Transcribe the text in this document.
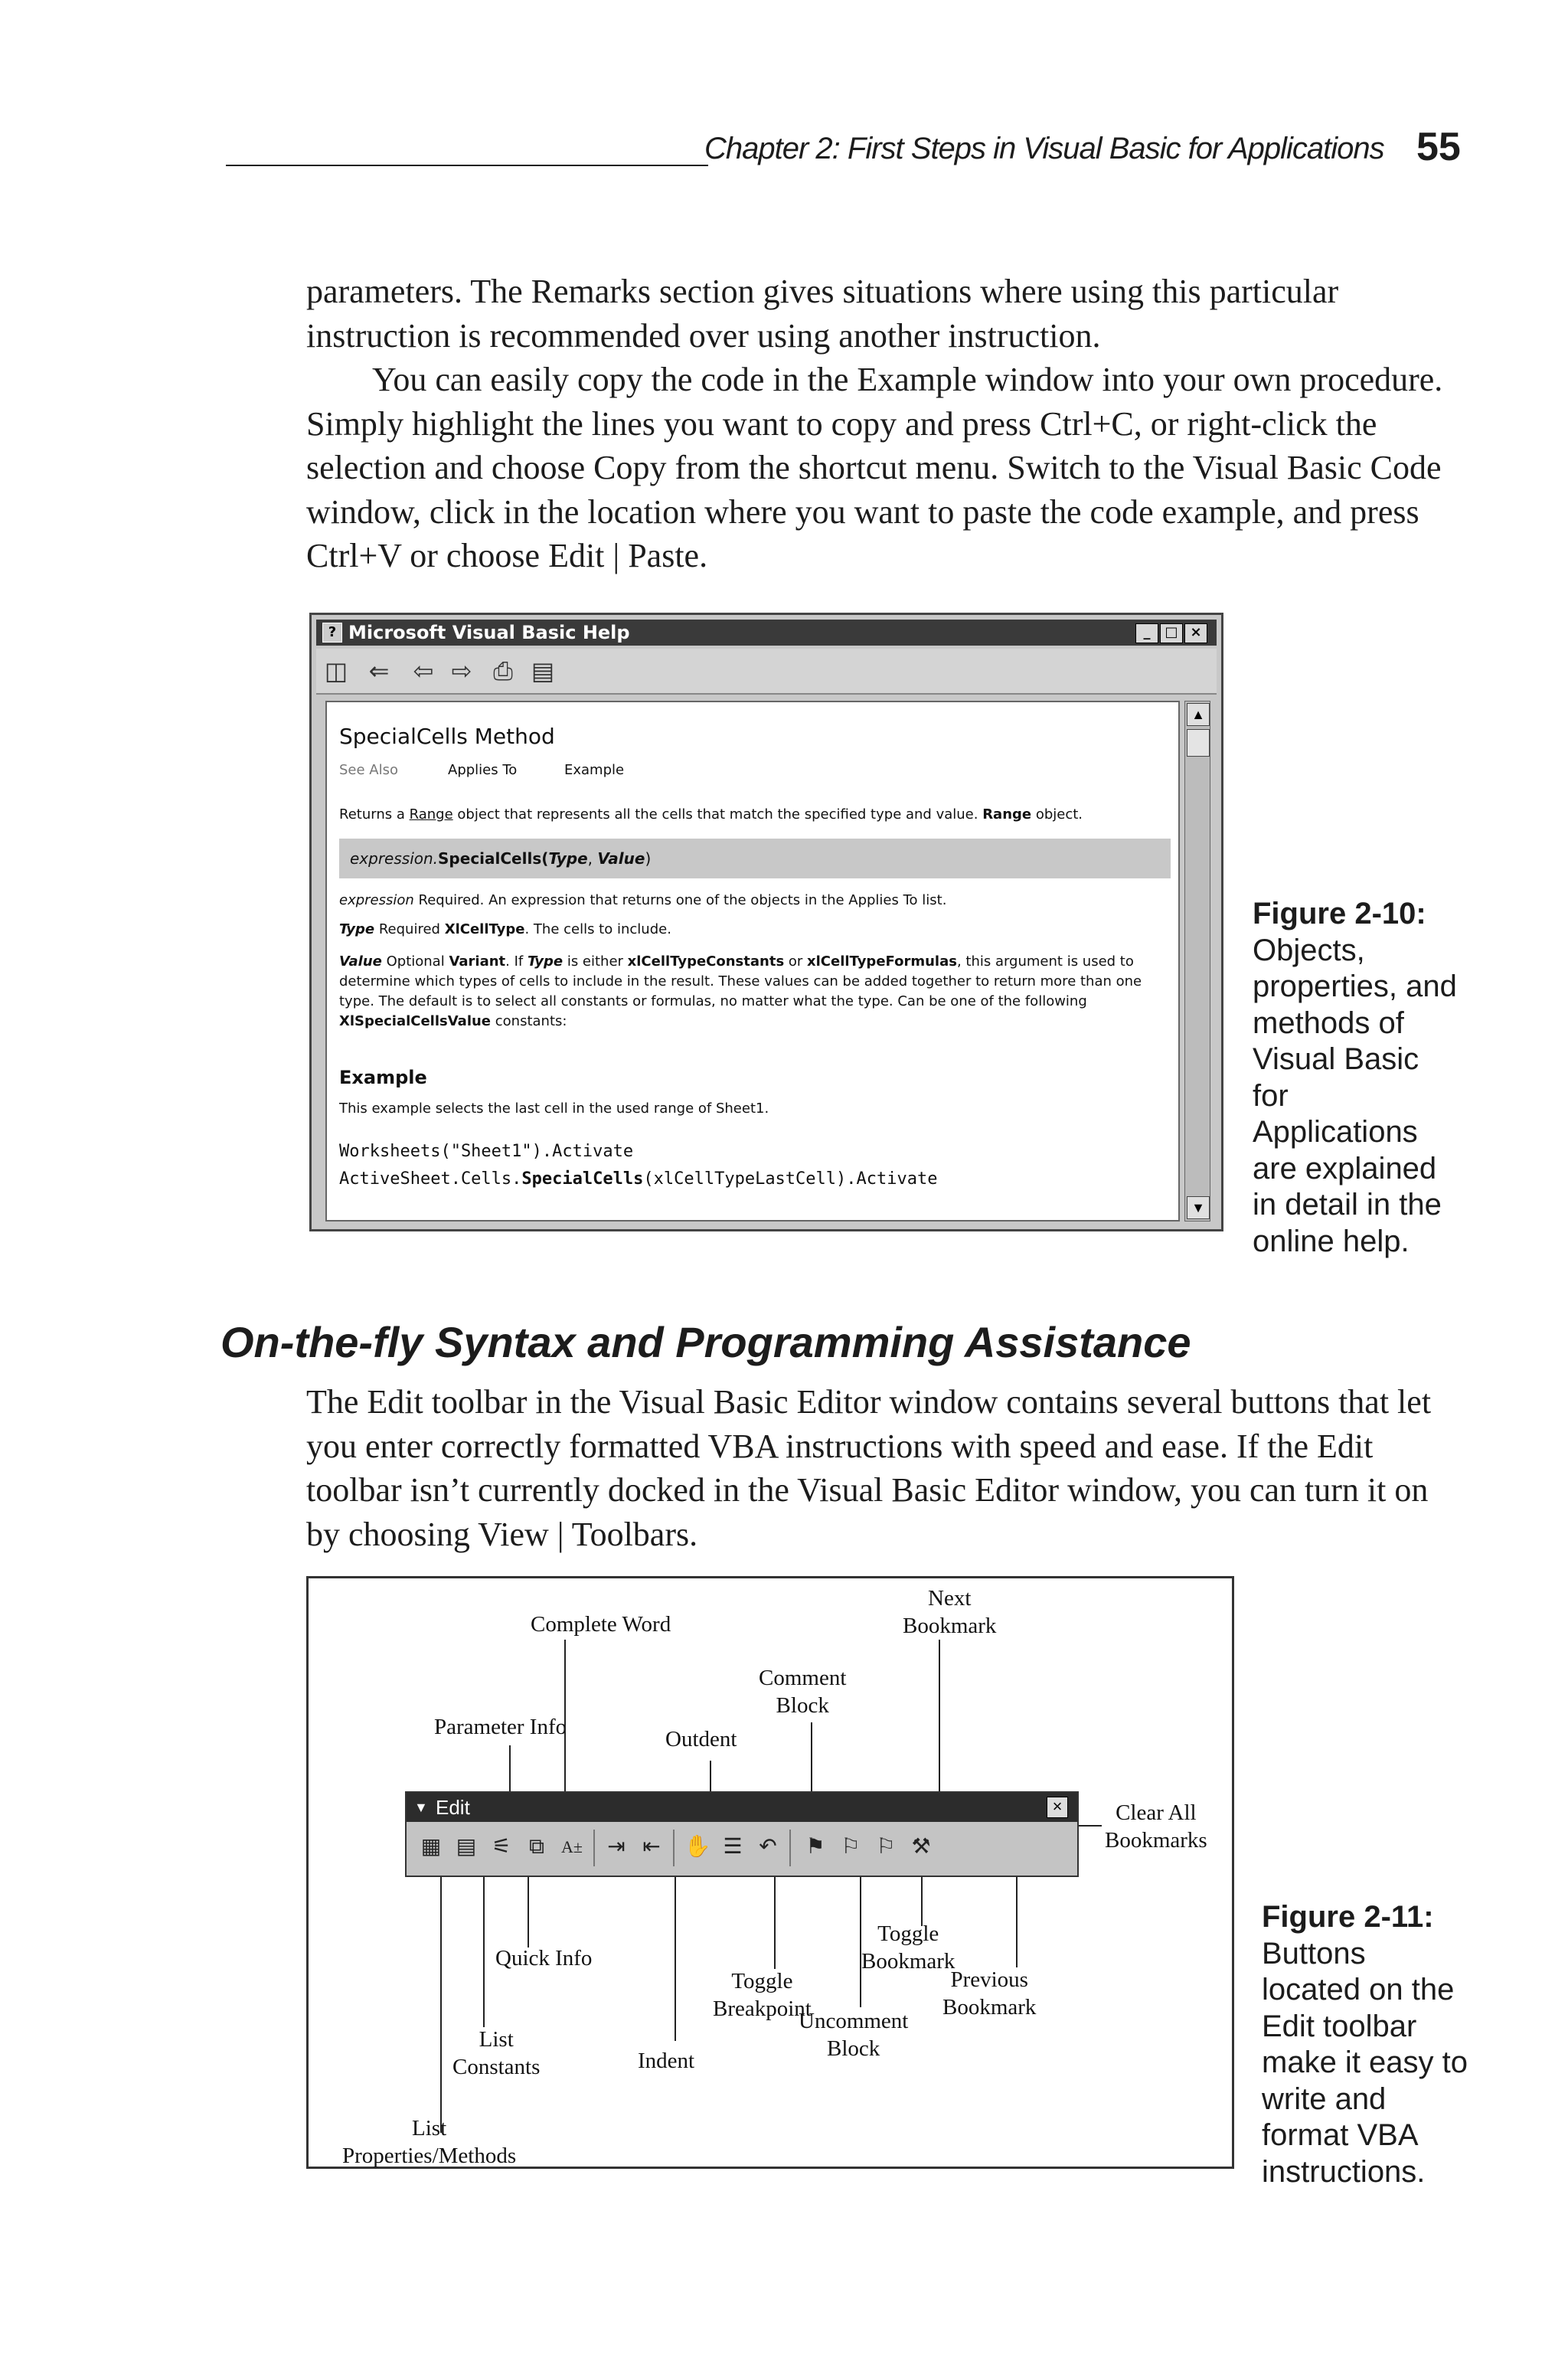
Chapter 2: First Steps in Visual Basic for Applications 55
parameters. The Remarks section gives situations where using this particular instruction is recommended over using another instruction.
You can easily copy the code in the Example window into your own procedure. Simply highlight the lines you want to copy and press Ctrl+C, or right-click the selection and choose Copy from the shortcut menu. Switch to the Visual Basic Code window, click in the location where you want to paste the code example, and press Ctrl+V or choose Edit | Paste.
? Microsoft Visual Basic Help	_	□ ×
◫ ⇐ ⇦ ⇨ ⎙ ▤
SpecialCells Method
See Also	Applies To	Example
Returns a Range object that represents all the cells that match the specified type and value. Range object.
expression.SpecialCells(Type, Value)
expression Required. An expression that returns one of the objects in the Applies To list.
Type Required XlCellType. The cells to include.
Value Optional Variant. If Type is either xlCellTypeConstants or xlCellTypeFormulas, this argument is used to determine which types of cells to include in the result. These values can be added together to return more than one type. The default is to select all constants or formulas, no matter what the type. Can be one of the following XlSpecialCellsValue constants:
Example
This example selects the last cell in the used range of Sheet1.
Worksheets("Sheet1").Activate
ActiveSheet.Cells.SpecialCells(xlCellTypeLastCell).Activate
▲
▼
Figure 2-10:
Objects, properties, and methods of Visual Basic for Applications are explained in detail in the online help.
On-the-fly Syntax and Programming Assistance
The Edit toolbar in the Visual Basic Editor window contains several buttons that let you enter correctly formatted VBA instructions with speed and ease. If the Edit toolbar isn’t currently docked in the Visual Basic Editor window, you can turn it on by choosing View | Toolbars.
Complete Word
Next
Bookmark
Comment
Block
Parameter Info	Outdent
Clear All
Bookmarks
▼ Edit	×
▦ ▤ ⚟ ⧉	A± ⇥ ⇤ ✋ ☰ ↶ ⚑ ⚐ ⚐ ⚒
Quick Info
Toggle
Bookmark
Toggle
Breakpoint
Previous
Bookmark
List
Constants	Indent
Uncomment
Block
List
Properties/Methods
Figure 2-11:
Buttons located on the Edit toolbar make it easy to write and format VBA instructions.
